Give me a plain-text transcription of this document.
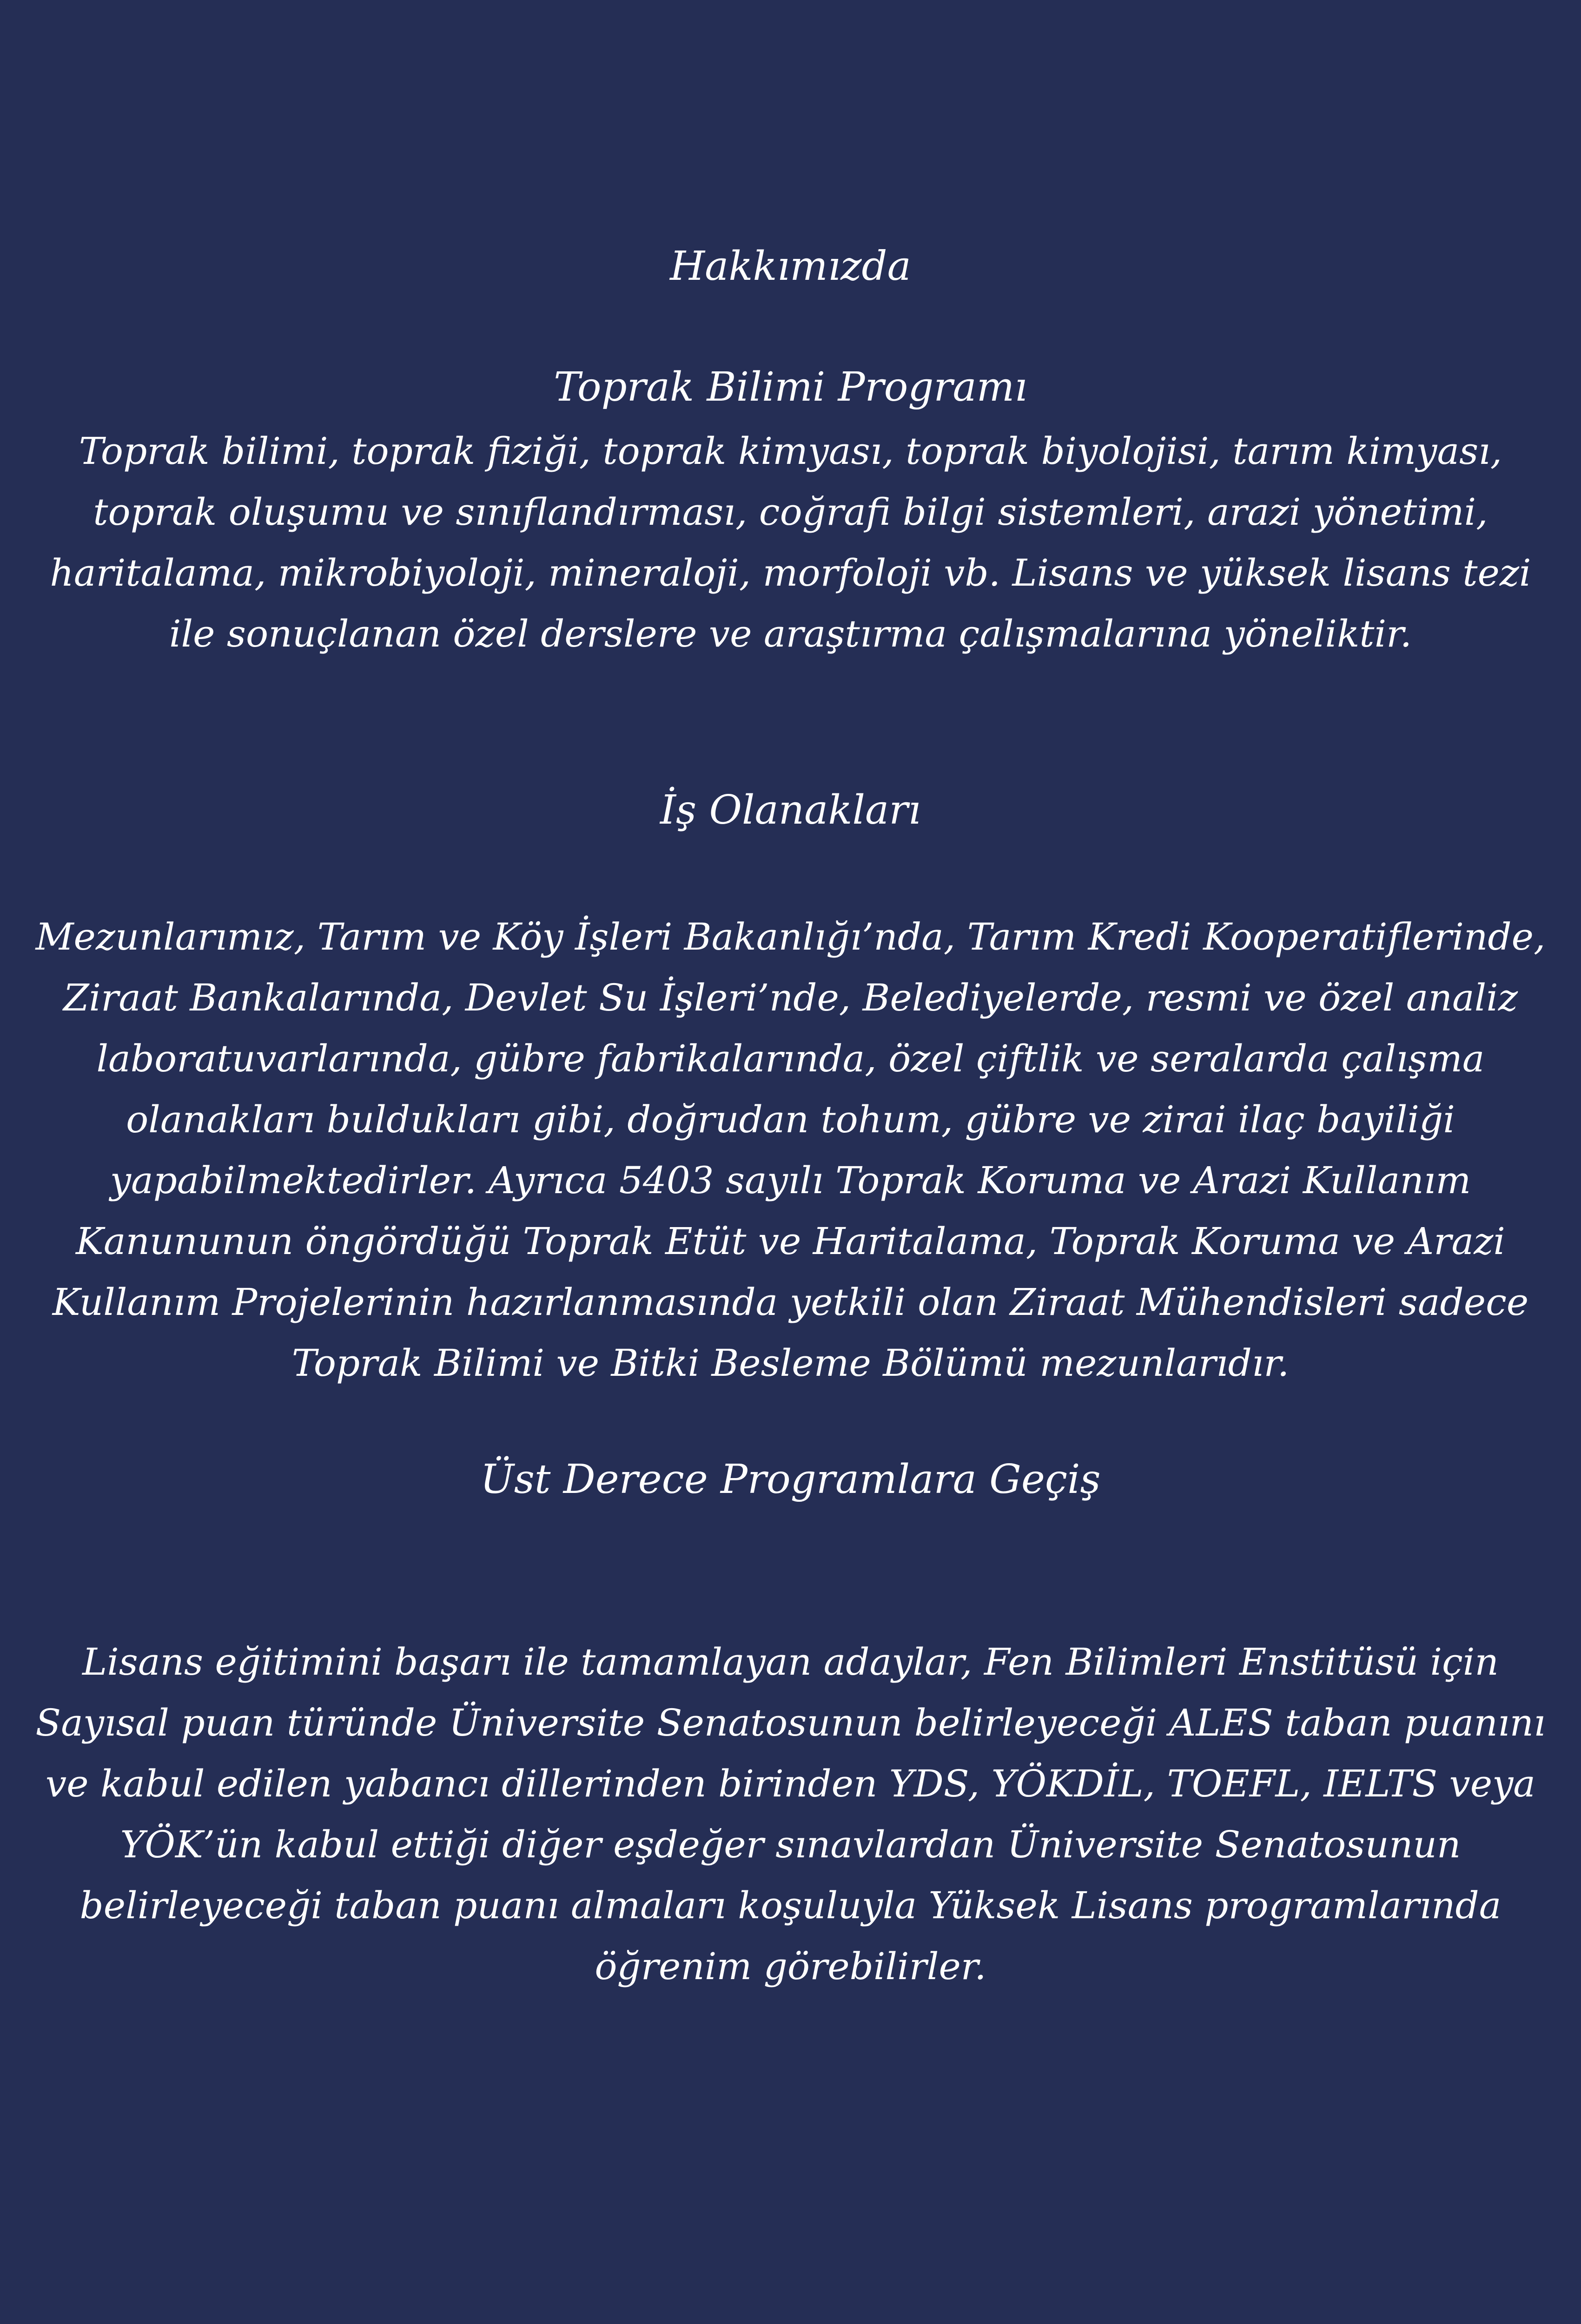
Hakkımızda
Toprak Bilimi Programı
Toprak bilimi, toprak fiziği, toprak kimyası, toprak biyolojisi, tarım kimyası, toprak oluşumu ve sınıflandırması, coğrafi bilgi sistemleri, arazi yönetimi, haritalama, mikrobiyoloji, mineraloji, morfoloji vb. Lisans ve yüksek lisans tezi ile sonuçlanan özel derslere ve araştırma çalışmalarına yöneliktir.
İş Olanakları
Mezunlarımız, Tarım ve Köy İşleri Bakanlığı’nda, Tarım Kredi Kooperatiflerinde, Ziraat Bankalarında, Devlet Su İşleri’nde, Belediyelerde, resmi ve özel analiz laboratuvarlarında, gübre fabrikalarında, özel çiftlik ve seralarda çalışma olanakları buldukları gibi, doğrudan tohum, gübre ve zirai ilaç bayiliği yapabilmektedirler. Ayrıca 5403 sayılı Toprak Koruma ve Arazi Kullanım Kanununun öngördüğü Toprak Etüt ve Haritalama, Toprak Koruma ve Arazi Kullanım Projelerinin hazırlanmasında yetkili olan Ziraat Mühendisleri sadece Toprak Bilimi ve Bitki Besleme Bölümü mezunlarıdır.
Üst Derece Programlara Geçiş
Lisans eğitimini başarı ile tamamlayan adaylar, Fen Bilimleri Enstitüsü için Sayısal puan türünde Üniversite Senatosunun belirleyeceği ALES taban puanını ve kabul edilen yabancı dillerinden birinden YDS, YÖKDİL, TOEFL, IELTS veya YÖK’ün kabul ettiği diğer eşdeğer sınavlardan Üniversite Senatosunun belirleyeceği taban puanı almaları koşuluyla Yüksek Lisans programlarında öğrenim görebilirler.
